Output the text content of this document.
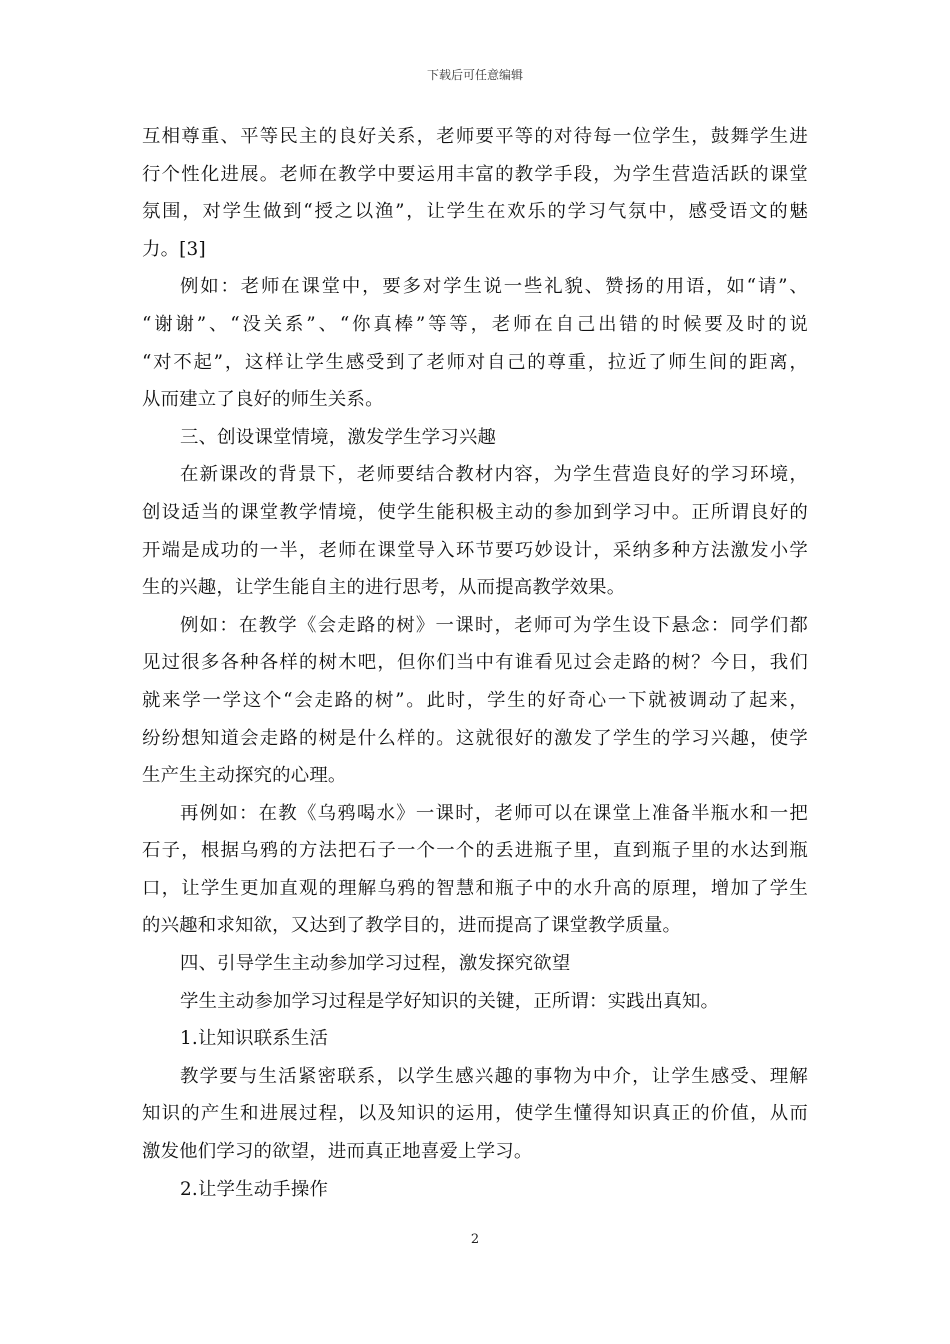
下载后可任意编辑
互相尊重、平等民主的良好关系，老师要平等的对待每一位学生，鼓舞学生进
行个性化进展。老师在教学中要运用丰富的教学手段，为学生营造活跃的课堂
氛围，对学生做到“授之以渔”，让学生在欢乐的学习气氛中，感受语文的魅
力。[3]
例如：老师在课堂中，要多对学生说一些礼貌、赞扬的用语，如“请”、
“谢谢”、“没关系”、“你真棒”等等，老师在自己出错的时候要及时的说
“对不起”，这样让学生感受到了老师对自己的尊重，拉近了师生间的距离，
从而建立了良好的师生关系。
三、创设课堂情境，激发学生学习兴趣
在新课改的背景下，老师要结合教材内容，为学生营造良好的学习环境，
创设适当的课堂教学情境，使学生能积极主动的参加到学习中。正所谓良好的
开端是成功的一半，老师在课堂导入环节要巧妙设计，采纳多种方法激发小学
生的兴趣，让学生能自主的进行思考，从而提高教学效果。
例如：在教学《会走路的树》一课时，老师可为学生设下悬念：同学们都
见过很多各种各样的树木吧，但你们当中有谁看见过会走路的树？今日，我们
就来学一学这个“会走路的树”。此时，学生的好奇心一下就被调动了起来，
纷纷想知道会走路的树是什么样的。这就很好的激发了学生的学习兴趣，使学
生产生主动探究的心理。
再例如：在教《乌鸦喝水》一课时，老师可以在课堂上准备半瓶水和一把
石子，根据乌鸦的方法把石子一个一个的丢进瓶子里，直到瓶子里的水达到瓶
口，让学生更加直观的理解乌鸦的智慧和瓶子中的水升高的原理，增加了学生
的兴趣和求知欲，又达到了教学目的，进而提高了课堂教学质量。
四、引导学生主动参加学习过程，激发探究欲望
学生主动参加学习过程是学好知识的关键，正所谓：实践出真知。
1.让知识联系生活
教学要与生活紧密联系，以学生感兴趣的事物为中介，让学生感受、理解
知识的产生和进展过程，以及知识的运用，使学生懂得知识真正的价值，从而
激发他们学习的欲望，进而真正地喜爱上学习。
2.让学生动手操作
2
